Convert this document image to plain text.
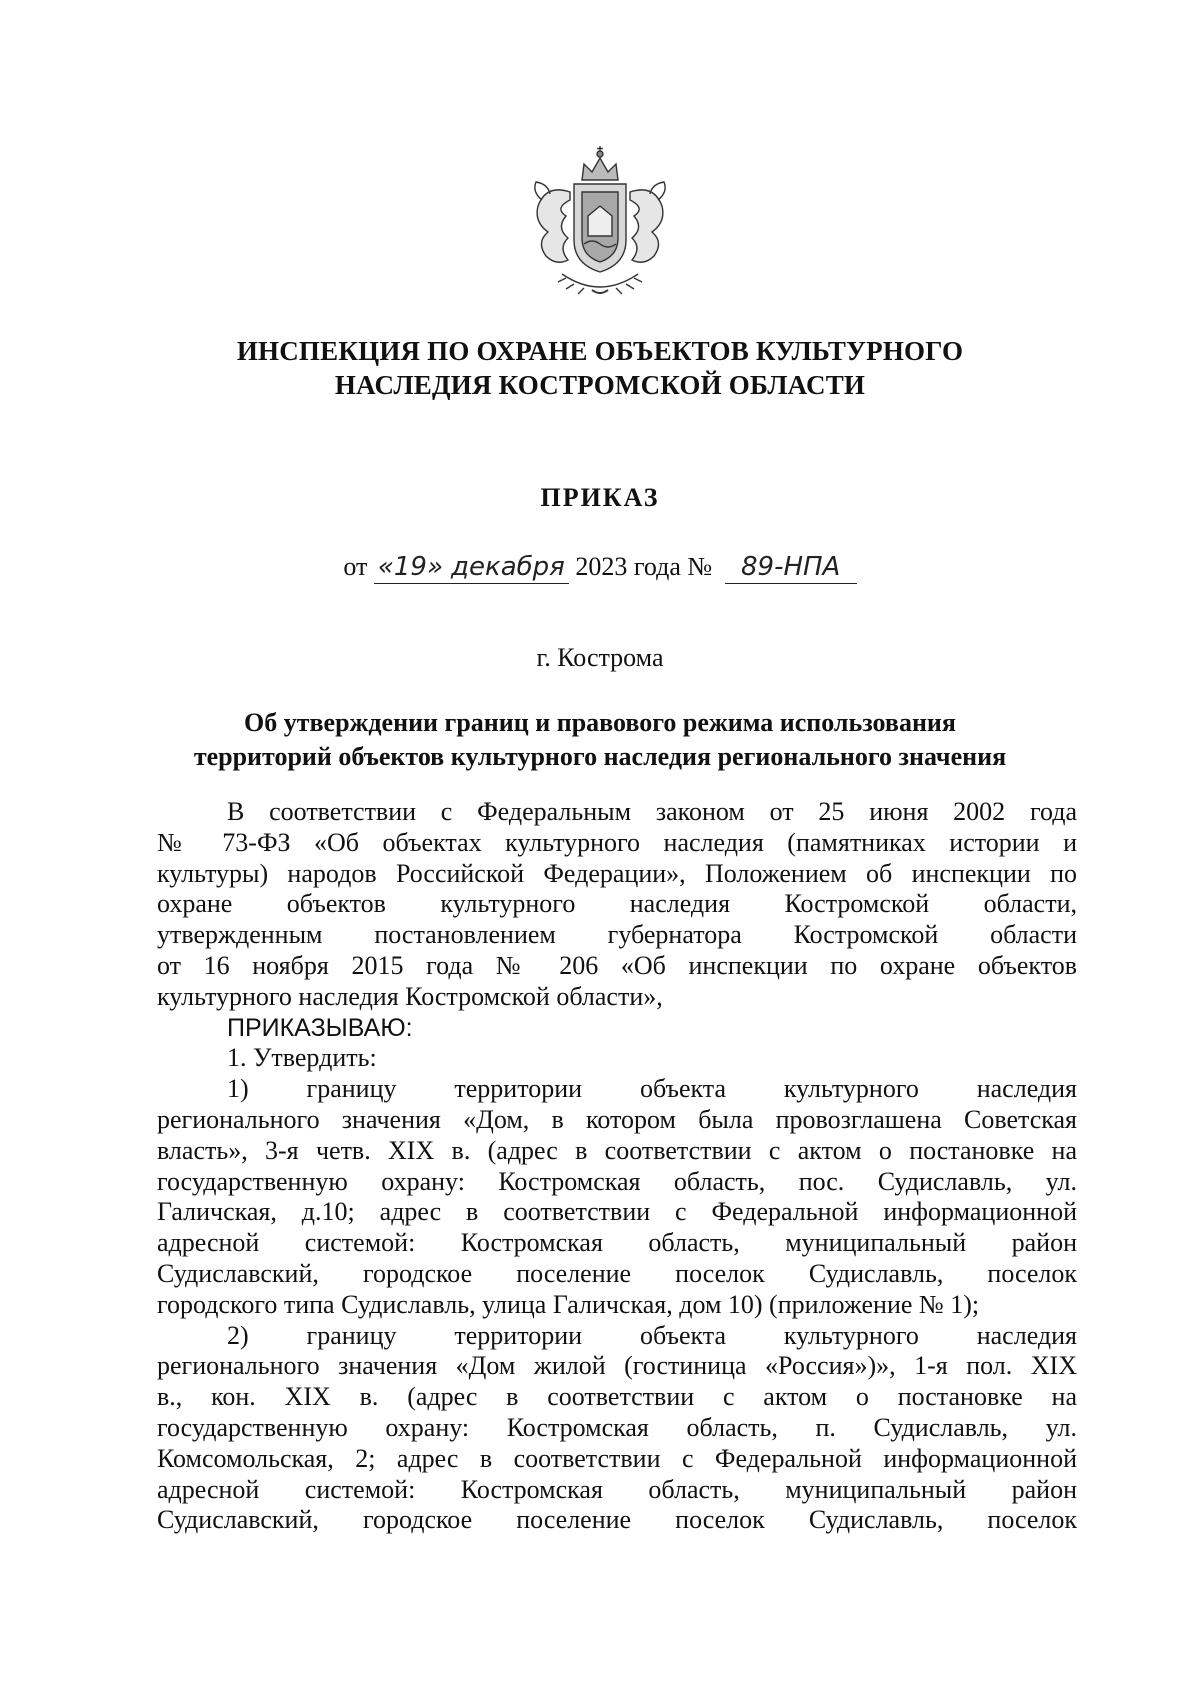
ИНСПЕКЦИЯ ПО ОХРАНЕ ОБЪЕКТОВ КУЛЬТУРНОГО
НАСЛЕДИЯ КОСТРОМСКОЙ ОБЛАСТИ
ПРИКАЗ
от «19» декабря 2023 года № 89-НПА
г. Кострома
Об утверждении границ и правового режима использования
территорий объектов культурного наследия регионального значения
В соответствии с Федеральным законом от 25 июня 2002 года
№ 73-ФЗ «Об объектах культурного наследия (памятниках истории и
культуры) народов Российской Федерации», Положением об инспекции по
охране объектов культурного наследия Костромской области,
утвержденным постановлением губернатора Костромской области
от 16 ноября 2015 года № 206 «Об инспекции по охране объектов
культурного наследия Костромской области»,
ПРИКАЗЫВАЮ:
1. Утвердить:
1) границу территории объекта культурного наследия
регионального значения «Дом, в котором была провозглашена Советская
власть», 3-я четв. XIX в. (адрес в соответствии с актом о постановке на
государственную охрану: Костромская область, пос. Судиславль, ул.
Галичская, д.10; адрес в соответствии с Федеральной информационной
адресной системой: Костромская область, муниципальный район
Судиславский, городское поселение поселок Судиславль, поселок
городского типа Судиславль, улица Галичская, дом 10) (приложение № 1);
2) границу территории объекта культурного наследия
регионального значения «Дом жилой (гостиница «Россия»)», 1-я пол. XIX
в., кон. XIX в. (адрес в соответствии с актом о постановке на
государственную охрану: Костромская область, п. Судиславль, ул.
Комсомольская, 2; адрес в соответствии с Федеральной информационной
адресной системой: Костромская область, муниципальный район
Судиславский, городское поселение поселок Судиславль, поселок
